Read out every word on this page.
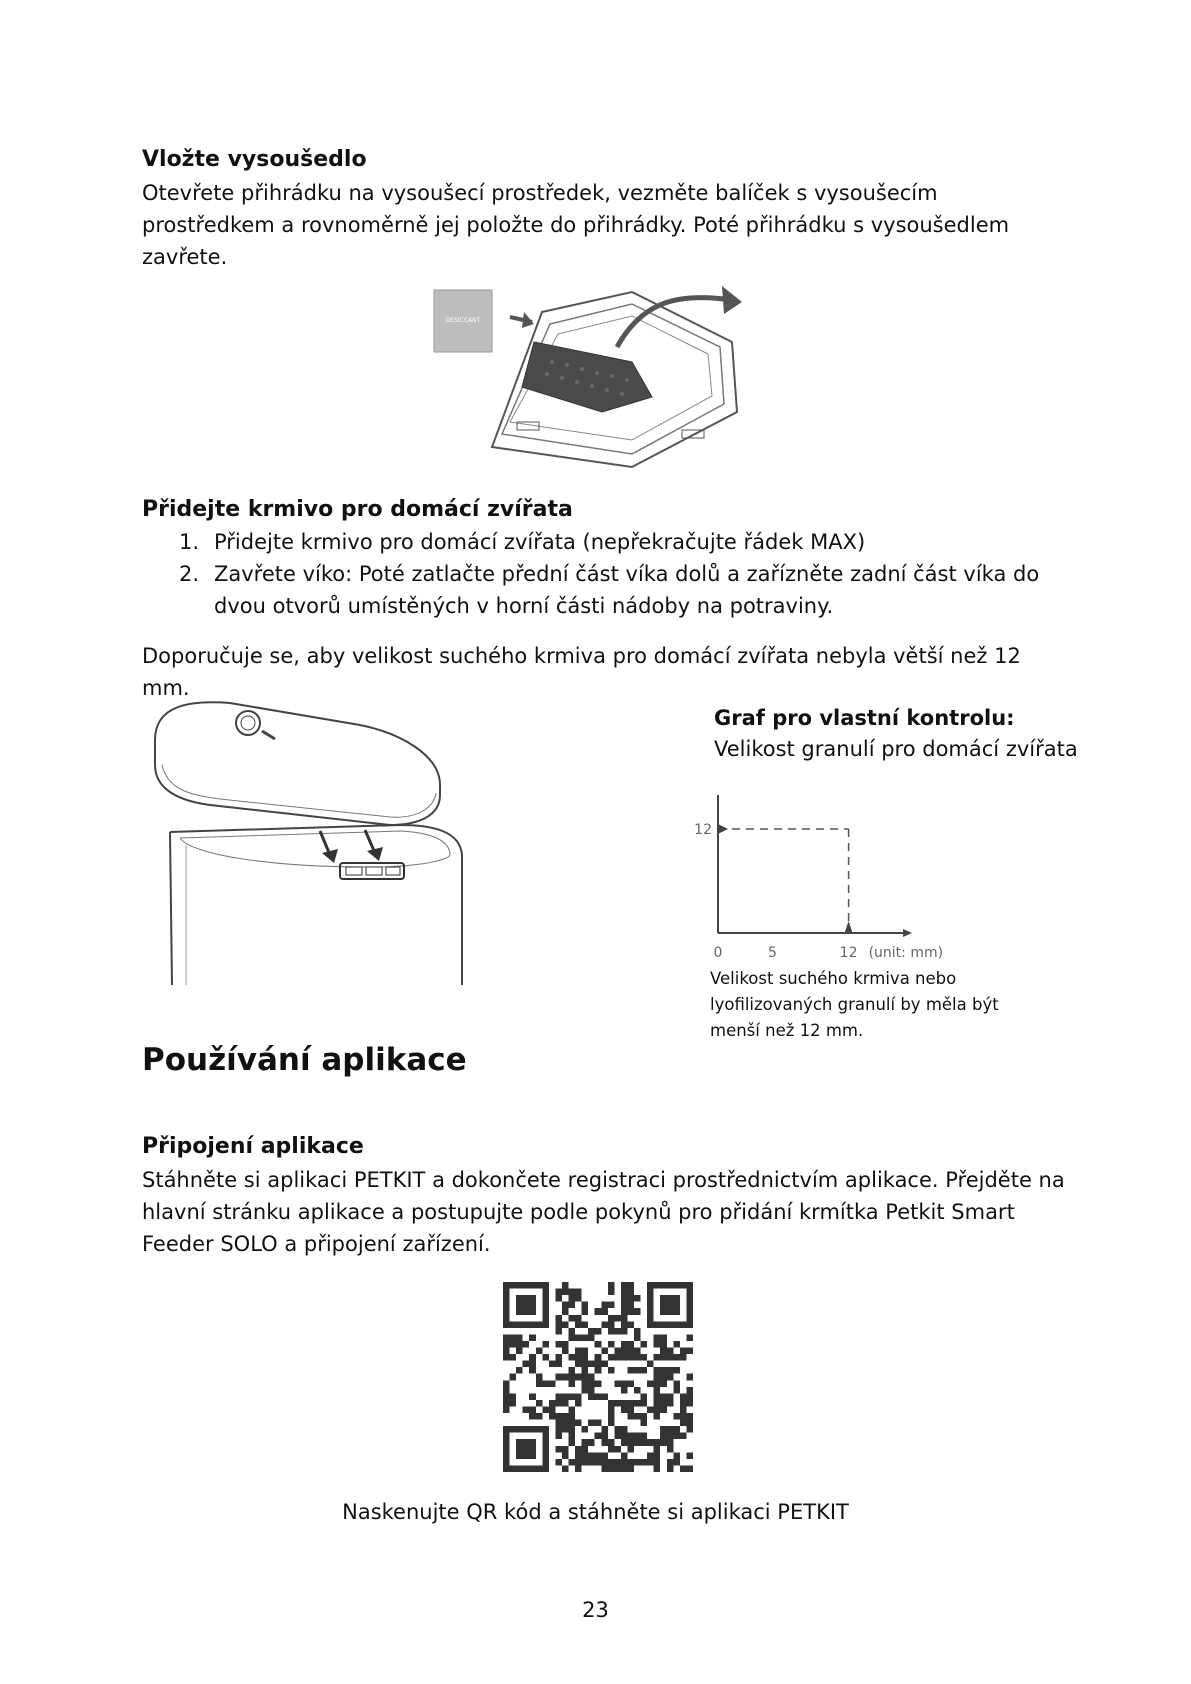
Vložte vysoušedlo
Otevřete přihrádku na vysoušecí prostředek, vezměte balíček s vysoušecím prostředkem a rovnoměrně jej položte do přihrádky. Poté přihrádku s vysoušedlem zavřete.
DESICCANT
Přidejte krmivo pro domácí zvířata
1. Přidejte krmivo pro domácí zvířata (nepřekračujte řádek MAX)
2. Zavřete víko: Poté zatlačte přední část víka dolů a zařízněte zadní část víka do dvou otvorů umístěných v horní části nádoby na potraviny.
Doporučuje se, aby velikost suchého krmiva pro domácí zvířata nebyla větší než 12 mm.
Graf pro vlastní kontrolu:
Velikost granulí pro domácí zvířata
0	5	12
12
(unit: mm)
Velikost suchého krmiva nebo lyofilizovaných granulí by měla být menší než 12 mm.
Používání aplikace
Připojení aplikace
Stáhněte si aplikaci PETKIT a dokončete registraci prostřednictvím aplikace. Přejděte na hlavní stránku aplikace a postupujte podle pokynů pro přidání krmítka Petkit Smart Feeder SOLO a připojení zařízení.
Naskenujte QR kód a stáhněte si aplikaci PETKIT
23
